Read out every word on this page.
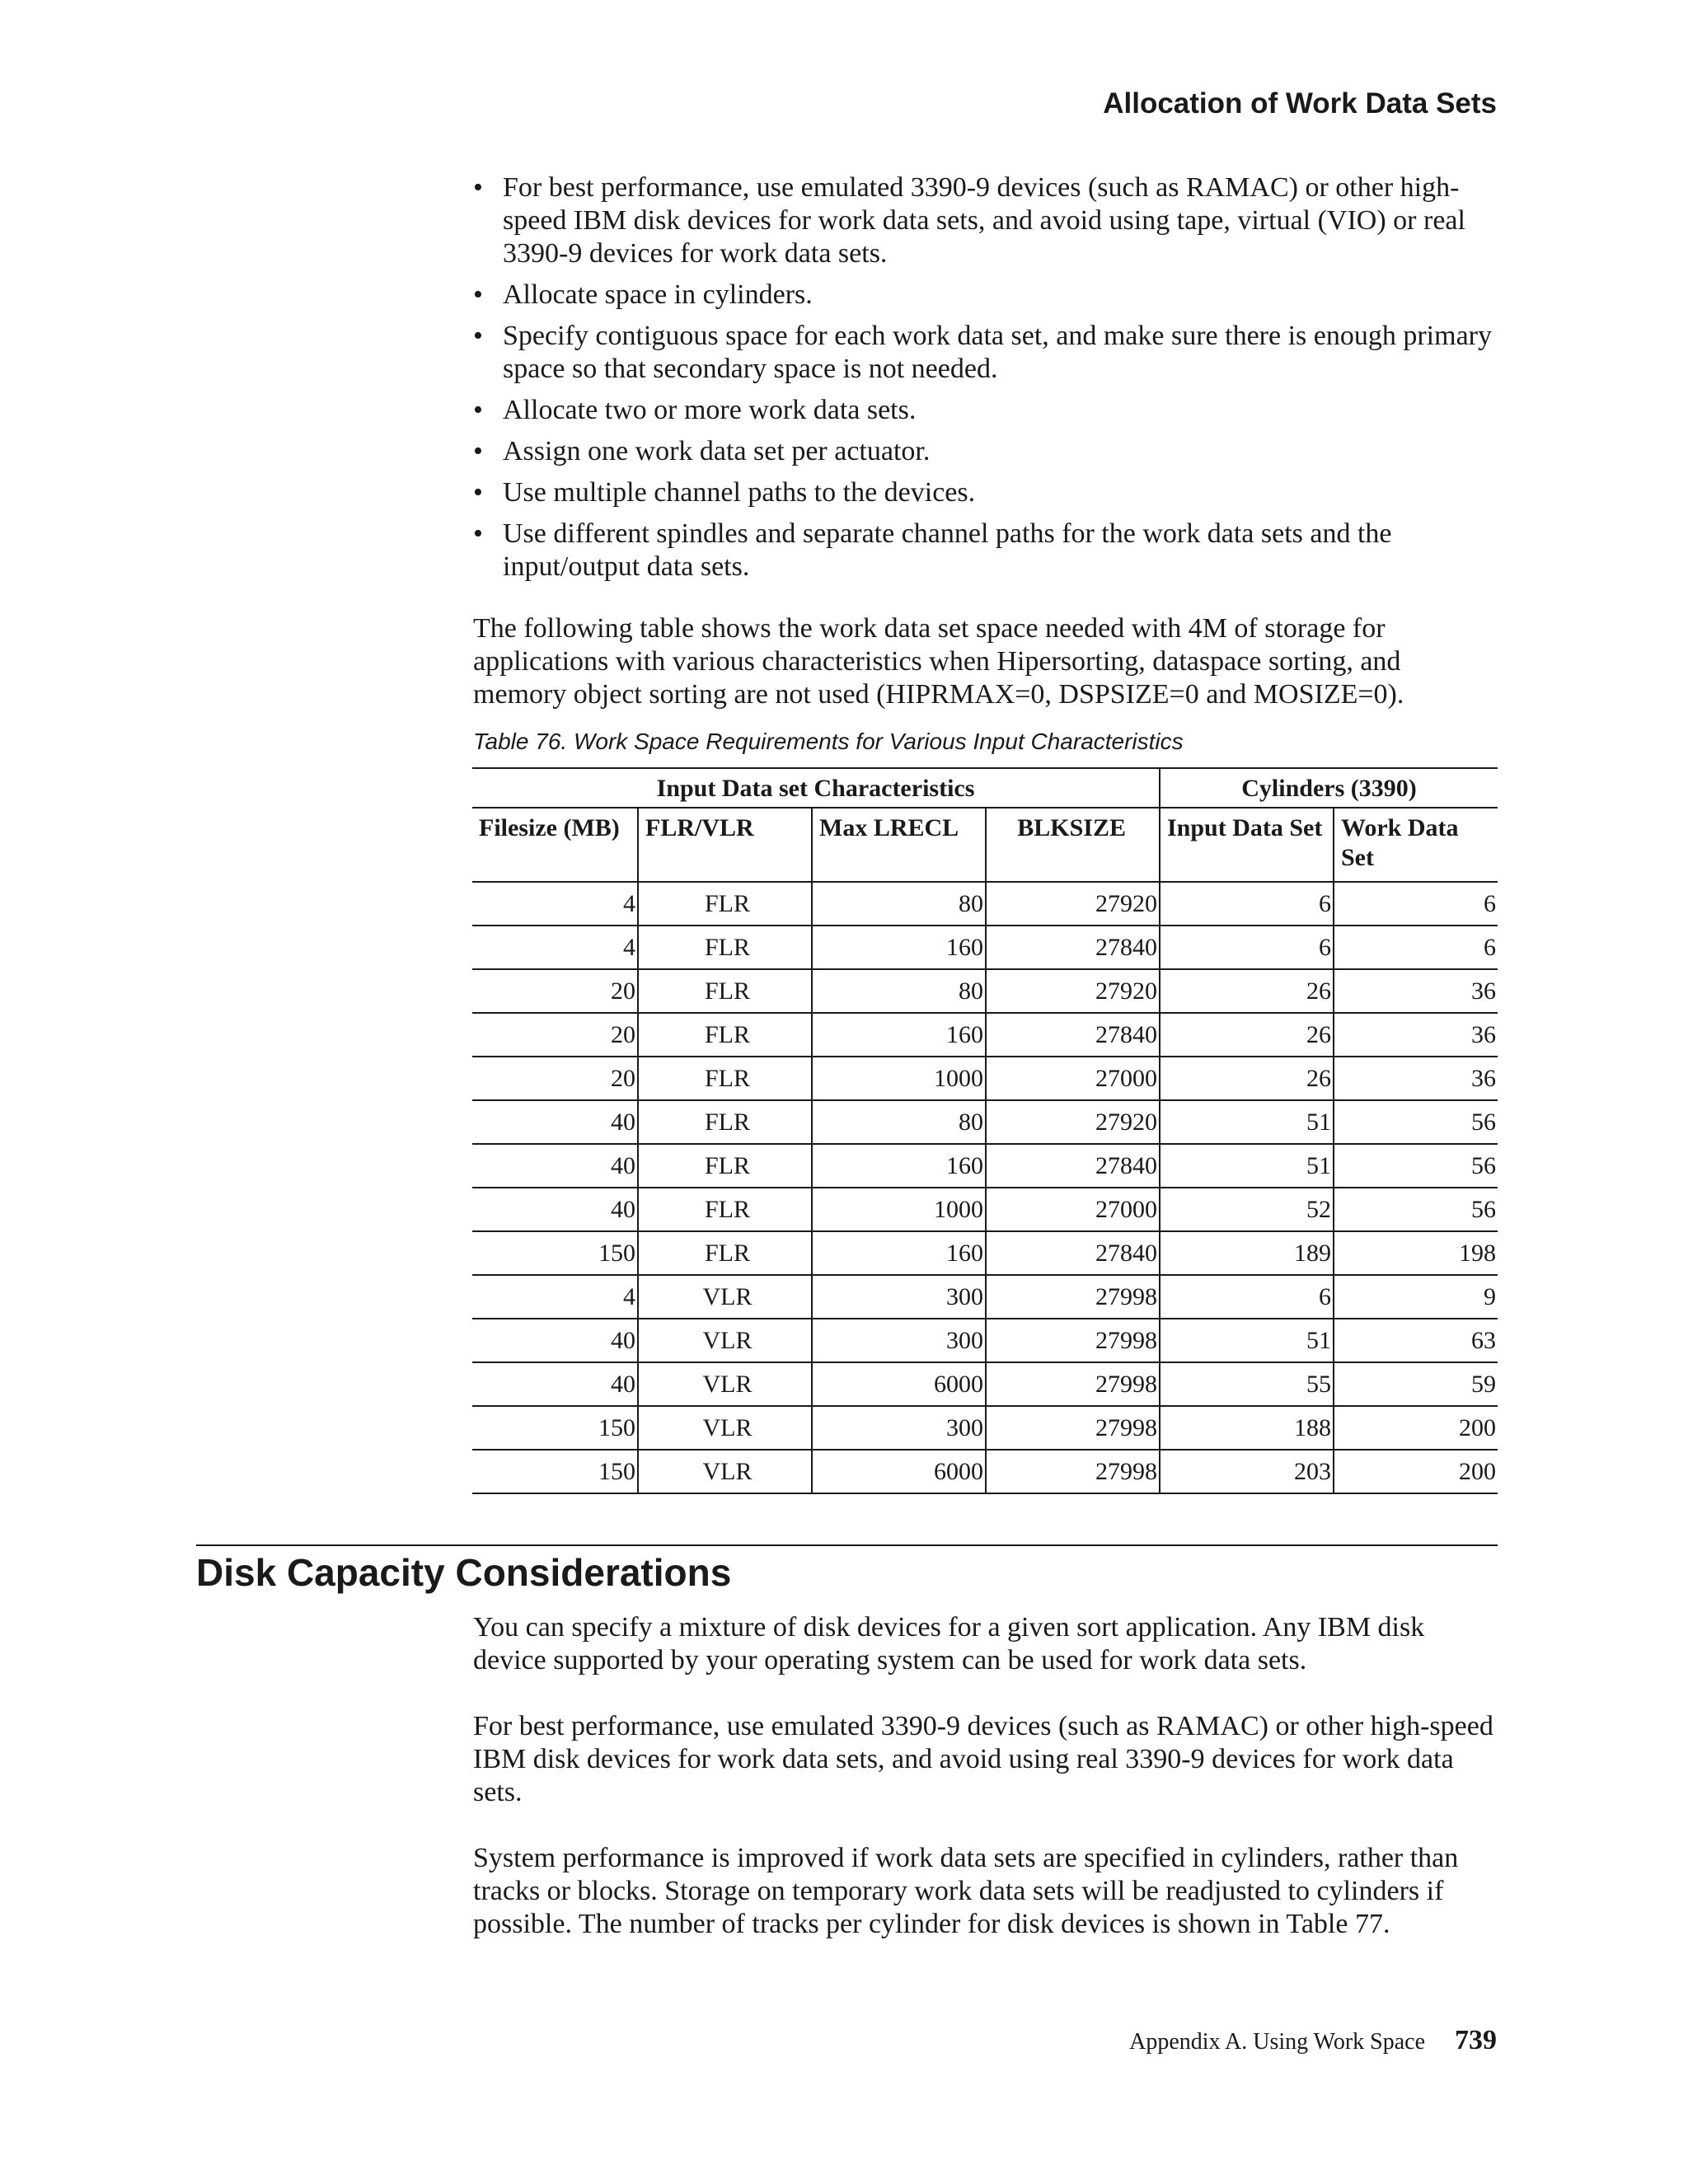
Allocation of Work Data Sets
• For best performance, use emulated 3390-9 devices (such as RAMAC) or other high-speed IBM disk devices for work data sets, and avoid using tape, virtual (VIO) or real 3390-9 devices for work data sets.
• Allocate space in cylinders.
• Specify contiguous space for each work data set, and make sure there is enough primary space so that secondary space is not needed.
• Allocate two or more work data sets.
• Assign one work data set per actuator.
• Use multiple channel paths to the devices.
• Use different spindles and separate channel paths for the work data sets and the input/output data sets.

The following table shows the work data set space needed with 4M of storage for applications with various characteristics when Hipersorting, dataspace sorting, and memory object sorting are not used (HIPRMAX=0, DSPSIZE=0 and MOSIZE=0).

Table 76. Work Space Requirements for Various Input Characteristics
Input Data set Characteristics				Cylinders (3390)	
Filesize (MB)	FLR/VLR	Max LRECL	BLKSIZE	Input Data Set	Work Data Set
4	FLR	80	27920	6	6
4	FLR	160	27840	6	6
20	FLR	80	27920	26	36
20	FLR	160	27840	26	36
20	FLR	1000	27000	26	36
40	FLR	80	27920	51	56
40	FLR	160	27840	51	56
40	FLR	1000	27000	52	56
150	FLR	160	27840	189	198
4	VLR	300	27998	6	9
40	VLR	300	27998	51	63
40	VLR	6000	27998	55	59
150	VLR	300	27998	188	200
150	VLR	6000	27998	203	200
Disk Capacity Considerations

You can specify a mixture of disk devices for a given sort application. Any IBM disk device supported by your operating system can be used for work data sets.

For best performance, use emulated 3390-9 devices (such as RAMAC) or other high-speed IBM disk devices for work data sets, and avoid using real 3390-9 devices for work data sets.

System performance is improved if work data sets are specified in cylinders, rather than tracks or blocks. Storage on temporary work data sets will be readjusted to cylinders if possible. The number of tracks per cylinder for disk devices is shown in Table 77.

Appendix A. Using Work Space 739
